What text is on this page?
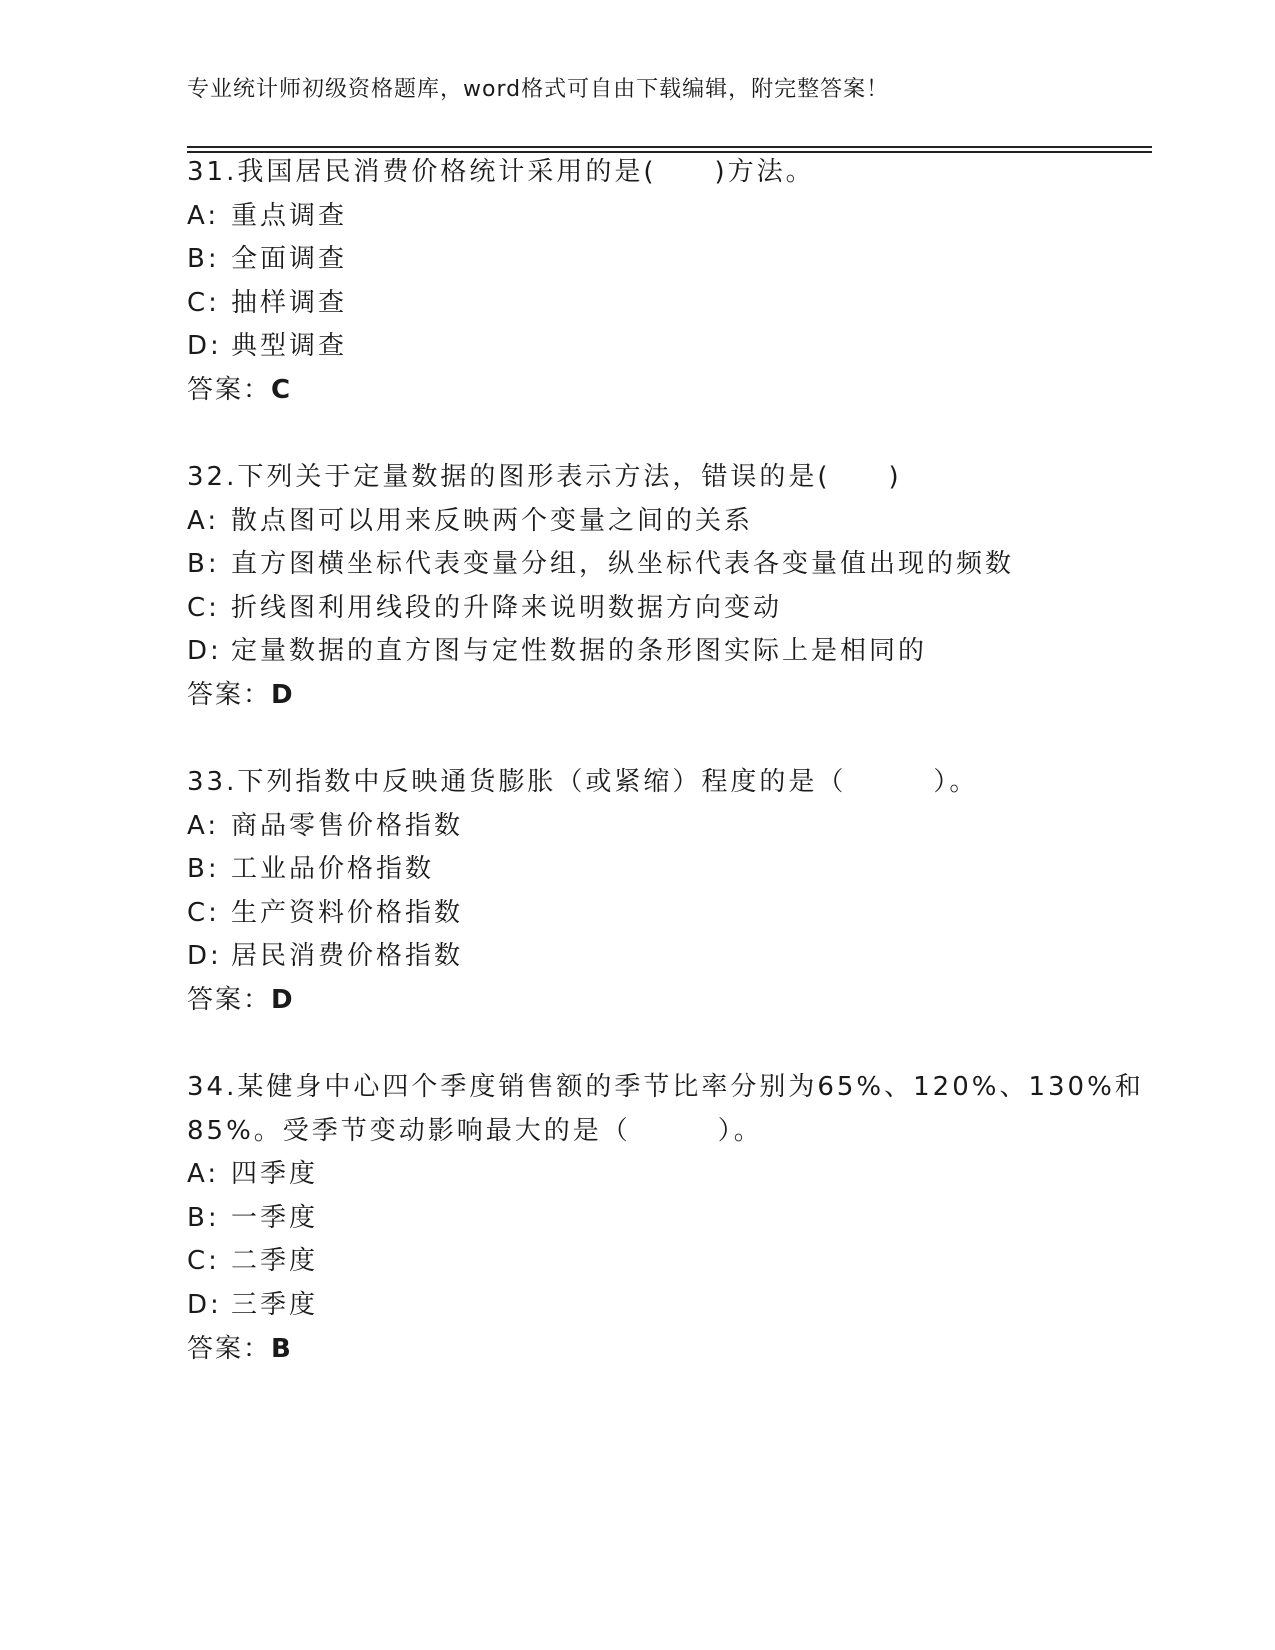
专业统计师初级资格题库，word格式可自由下载编辑，附完整答案！
31.我国居民消费价格统计采用的是(　　)方法。
A: 重点调查
B: 全面调查
C: 抽样调查
D: 典型调查
答案：C
32.下列关于定量数据的图形表示方法，错误的是(　　)
A: 散点图可以用来反映两个变量之间的关系
B: 直方图横坐标代表变量分组，纵坐标代表各变量值出现的频数
C: 折线图利用线段的升降来说明数据方向变动
D: 定量数据的直方图与定性数据的条形图实际上是相同的
答案：D
33.下列指数中反映通货膨胀（或紧缩）程度的是（　　　）。
A: 商品零售价格指数
B: 工业品价格指数
C: 生产资料价格指数
D: 居民消费价格指数
答案：D
34.某健身中心四个季度销售额的季节比率分别为65%、120%、130%和
85%。受季节变动影响最大的是（　　　）。
A: 四季度
B: 一季度
C: 二季度
D: 三季度
答案：B
